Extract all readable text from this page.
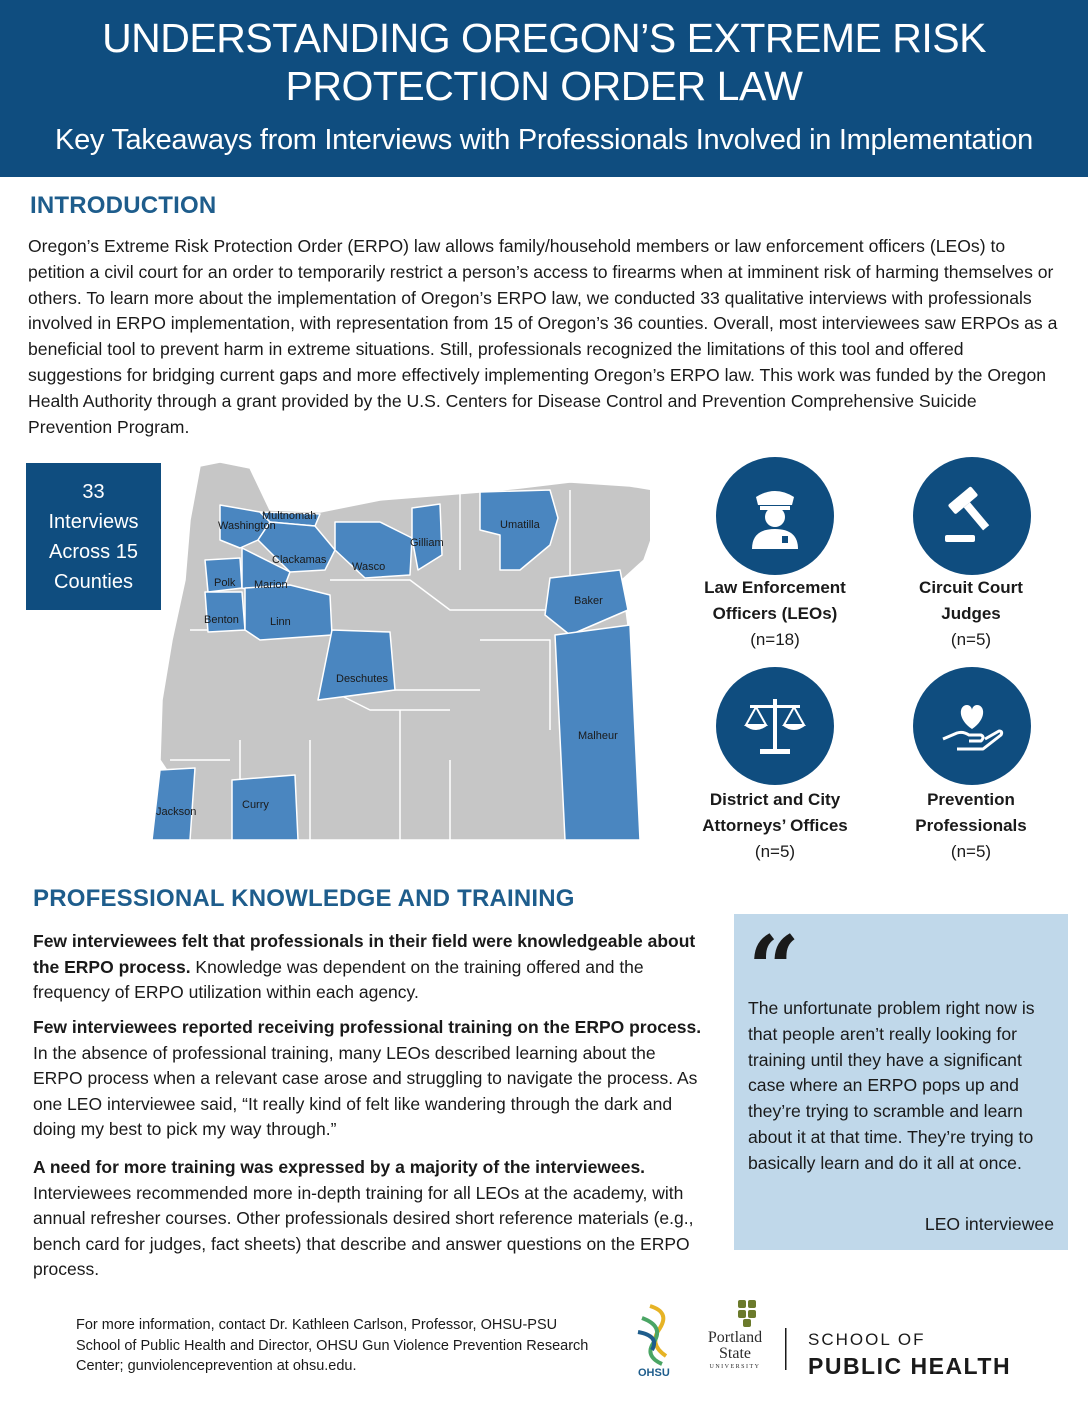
UNDERSTANDING OREGON’S EXTREME RISK
PROTECTION ORDER LAW
Key Takeaways from Interviews with Professionals Involved in Implementation
INTRODUCTION
Oregon’s Extreme Risk Protection Order (ERPO) law allows family/household members or law enforcement officers (LEOs) to petition a civil court for an order to temporarily restrict a person’s access to firearms when at imminent risk of harming themselves or others. To learn more about the implementation of Oregon’s ERPO law, we conducted 33 qualitative interviews with professionals involved in ERPO implementation, with representation from 15 of Oregon’s 36 counties. Overall, most interviewees saw ERPOs as a beneficial tool to prevent harm in extreme situations. Still, professionals recognized the limitations of this tool and offered suggestions for bridging current gaps and more effectively implementing Oregon’s ERPO law. This work was funded by the Oregon Health Authority through a grant provided by the U.S. Centers for Disease Control and Prevention Comprehensive Suicide Prevention Program.
33
Interviews
Across 15
Counties
Multnomah
Washington
Clackamas
Gilliam
Umatilla
Wasco
Polk Marion
Benton	Linn
Baker
Deschutes
Malheur
Curry
Jackson
Law Enforcement
Officers (LEOs)
(n=18)
Circuit Court
Judges
(n=5)
District and City
Attorneys’ Offices
(n=5)
Prevention
Professionals
(n=5)
PROFESSIONAL KNOWLEDGE AND TRAINING

Few interviewees felt that professionals in their field were knowledgeable about the ERPO process. Knowledge was dependent on the training offered and the frequency of ERPO utilization within each agency.

Few interviewees reported receiving professional training on the ERPO process. In the absence of professional training, many LEOs described learning about the ERPO process when a relevant case arose and struggling to navigate the process. As one LEO interviewee said, “It really kind of felt like wandering through the dark and doing my best to pick my way through.”

A need for more training was expressed by a majority of the interviewees. Interviewees recommended more in-depth training for all LEOs at the academy, with annual refresher courses. Other professionals desired short reference materials (e.g., bench card for judges, fact sheets) that describe and answer questions on the ERPO process.

“
The unfortunate problem right now is that people aren’t really looking for training until they have a significant case where an ERPO pops up and they’re trying to scramble and learn about it at that time. They’re trying to basically learn and do it all at once.
LEO interviewee
For more information, contact Dr. Kathleen Carlson, Professor, OHSU-PSU School of Public Health and Director, OHSU Gun Violence Prevention Research Center; gunviolenceprevention at ohsu.edu.	OHSU
Portland
State
UNIVERSITY
SCHOOL OF
PUBLIC HEALTH
